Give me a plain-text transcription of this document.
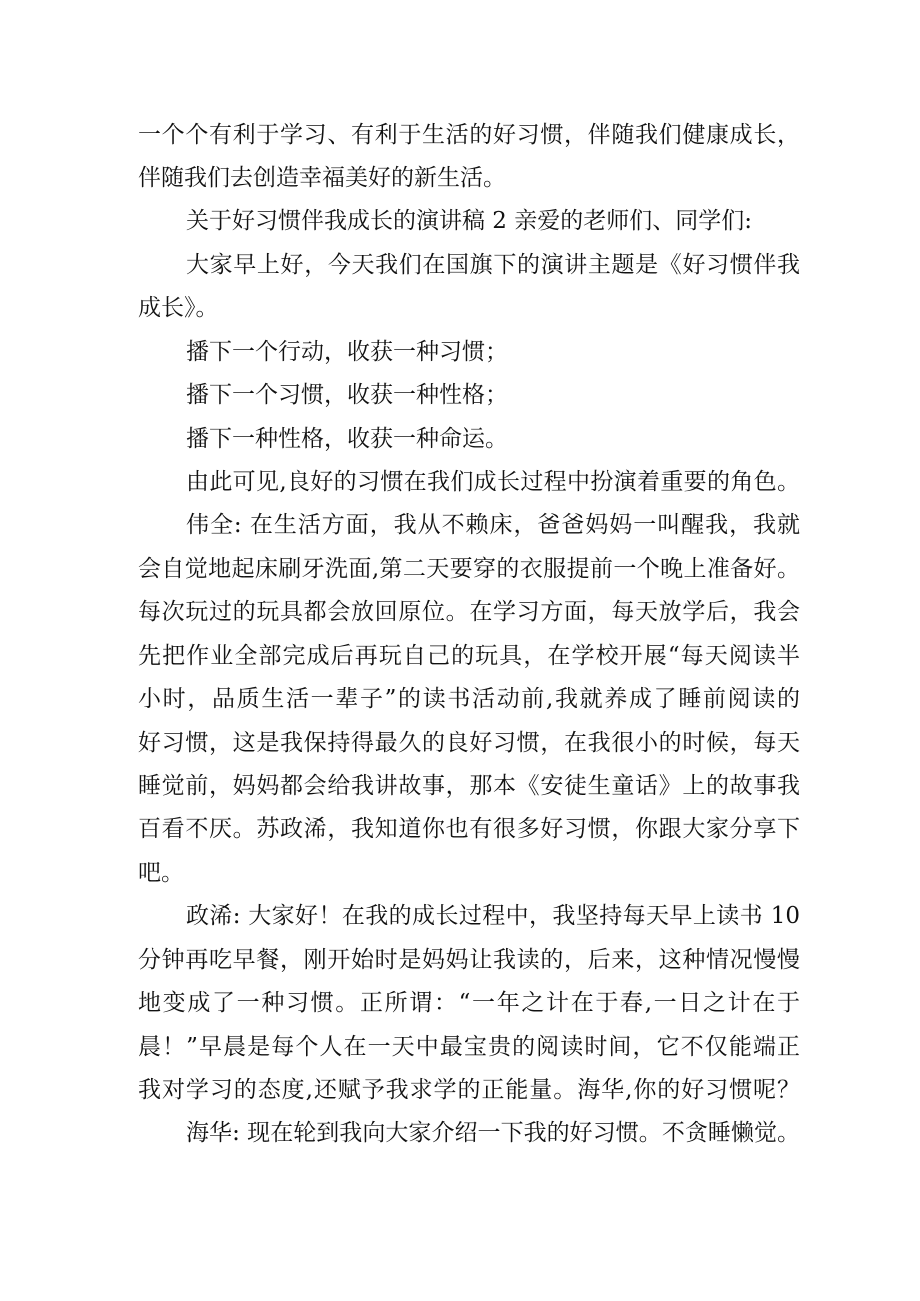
一个个有利于学习、有利于生活的好习惯，伴随我们健康成长，

伴随我们去创造幸福美好的新生活。

关于好习惯伴我成长的演讲稿 2 亲爱的老师们、同学们:

大家早上好，今天我们在国旗下的演讲主题是《好习惯伴我

成长》。

播下一个行动，收获一种习惯；

播下一个习惯，收获一种性格；

播下一种性格，收获一种命运。

由此可见,良好的习惯在我们成长过程中扮演着重要的角色。

伟全: 在生活方面，我从不赖床，爸爸妈妈一叫醒我，我就

会自觉地起床刷牙洗面,第二天要穿的衣服提前一个晚上准备好。

每次玩过的玩具都会放回原位。在学习方面，每天放学后，我会

先把作业全部完成后再玩自己的玩具，在学校开展“每天阅读半

小时，品质生活一辈子”的读书活动前,我就养成了睡前阅读的

好习惯，这是我保持得最久的良好习惯，在我很小的时候，每天

睡觉前，妈妈都会给我讲故事，那本《安徒生童话》上的故事我

百看不厌。苏政浠，我知道你也有很多好习惯，你跟大家分享下

吧。

政浠: 大家好！在我的成长过程中，我坚持每天早上读书 10

分钟再吃早餐，刚开始时是妈妈让我读的，后来，这种情况慢慢

地变成了一种习惯。正所谓：“一年之计在于春,一日之计在于

晨！”早晨是每个人在一天中最宝贵的阅读时间，它不仅能端正

我对学习的态度,还赋予我求学的正能量。海华,你的好习惯呢？

海华: 现在轮到我向大家介绍一下我的好习惯。不贪睡懒觉。
